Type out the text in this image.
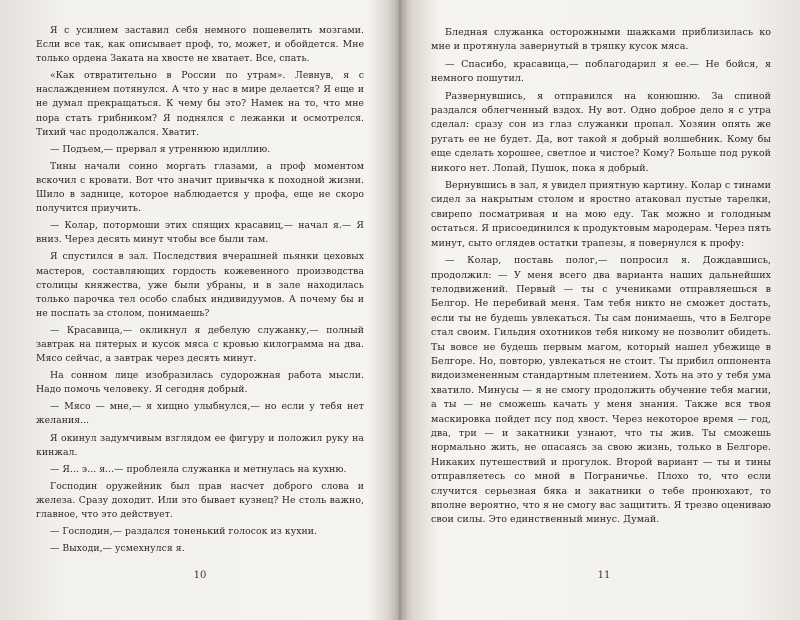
Я с усилием заставил себя немного пошевелить мозгами. Если все так, как описывает проф, то, может, и обойдется. Мне только ордена Заката на хвосте не хватает. Все, спать.

«Как отвратительно в России по утрам». Левнув, я с наслаждением потянулся. А что у нас в мире делается? Я еще и не думал прекращаться. К чему бы это? Намек на то, что мне пора стать грибником? Я поднялся с лежанки и осмотрелся. Тихий час продолжался. Хватит.

— Подъем,— прервал я утреннюю идиллию.

Тины начали сонно моргать глазами, а проф моментом вскочил с кровати. Вот что значит привычка к походной жизни. Шило в заднице, которое наблюдается у профа, еще не скоро получится приучить.

— Колар, потормоши этих спящих красавиц,— начал я.— Я вниз. Через десять минут чтобы все были там.

Я спустился в зал. Последствия вчерашней пьянки цеховых мастеров, составляющих гордость кожевенного производства столицы княжества, уже были убраны, и в зале находилась только парочка тел особо слабых индивидуумов. А почему бы и не поспать за столом, понимаешь?

— Красавица,— окликнул я дебелую служанку,— полный завтрак на пятерых и кусок мяса с кровью килограмма на два. Мясо сейчас, а завтрак через десять минут.

На сонном лице изобразилась судорожная работа мысли. Надо помочь человеку. Я сегодня добрый.

— Мясо — мне,— я хищно улыбнулся,— но если у тебя нет желания...

Я окинул задумчивым взглядом ее фигуру и положил руку на кинжал.

— Я... э... я...— проблеяла служанка и метнулась на кухню.

Господин оружейник был прав насчет доброго слова и железа. Сразу доходит. Или это бывает кузнец? Не столь важно, главное, что это действует.

— Господин,— раздался тоненький голосок из кухни.

— Выходи,— усмехнулся я.

10

Бледная служанка осторожными шажками приблизилась ко мне и протянула завернутый в тряпку кусок мяса.

— Спасибо, красавица,— поблагодарил я ее.— Не бойся, я немного пошутил.

Развернувшись, я отправился на конюшню. За спиной раздался облегченный вздох. Ну вот. Одно доброе дело я с утра сделал: сразу сон из глаз служанки пропал. Хозяин опять же ругать ее не будет. Да, вот такой я добрый волшебник. Кому бы еще сделать хорошее, светлое и чистое? Кому? Больше под рукой никого нет. Лопай, Пушок, пока я добрый.

Вернувшись в зал, я увидел приятную картину. Колар с тинами сидел за накрытым столом и яростно атаковал пустые тарелки, свирепо посматривая и на мою еду. Так можно и голодным остаться. Я присоединился к продуктовым мародерам. Через пять минут, сыто оглядев остатки трапезы, я повернулся к профу:

— Колар, поставь полог,— попросил я. Дождавшись, продолжил: — У меня всего два варианта наших дальнейших телодвижений. Первый — ты с учениками отправляешься в Белгор. Не перебивай меня. Там тебя никто не сможет достать, если ты не будешь увлекаться. Ты сам понимаешь, что в Белгоре стал своим. Гильдия охотников тебя никому не позволит обидеть. Ты вовсе не будешь первым магом, который нашел убежище в Белгоре. Но, повторю, увлекаться не стоит. Ты прибил оппонента видоизмененным стандартным плетением. Хоть на это у тебя ума хватило. Минусы — я не смогу продолжить обучение тебя магии, а ты — не сможешь качать у меня знания. Также вся твоя маскировка пойдет псу под хвост. Через некоторое время — год, два, три — и закатники узнают, что ты жив. Ты сможешь нормально жить, не опасаясь за свою жизнь, только в Белгоре. Никаких путешествий и прогулок. Второй вариант — ты и тины отправляетесь со мной в Пограничье. Плохо то, что если случится серьезная бяка и закатники о тебе пронюхают, то вполне вероятно, что я не смогу вас защитить. Я трезво оцениваю свои силы. Это единственный минус. Думай.

11
